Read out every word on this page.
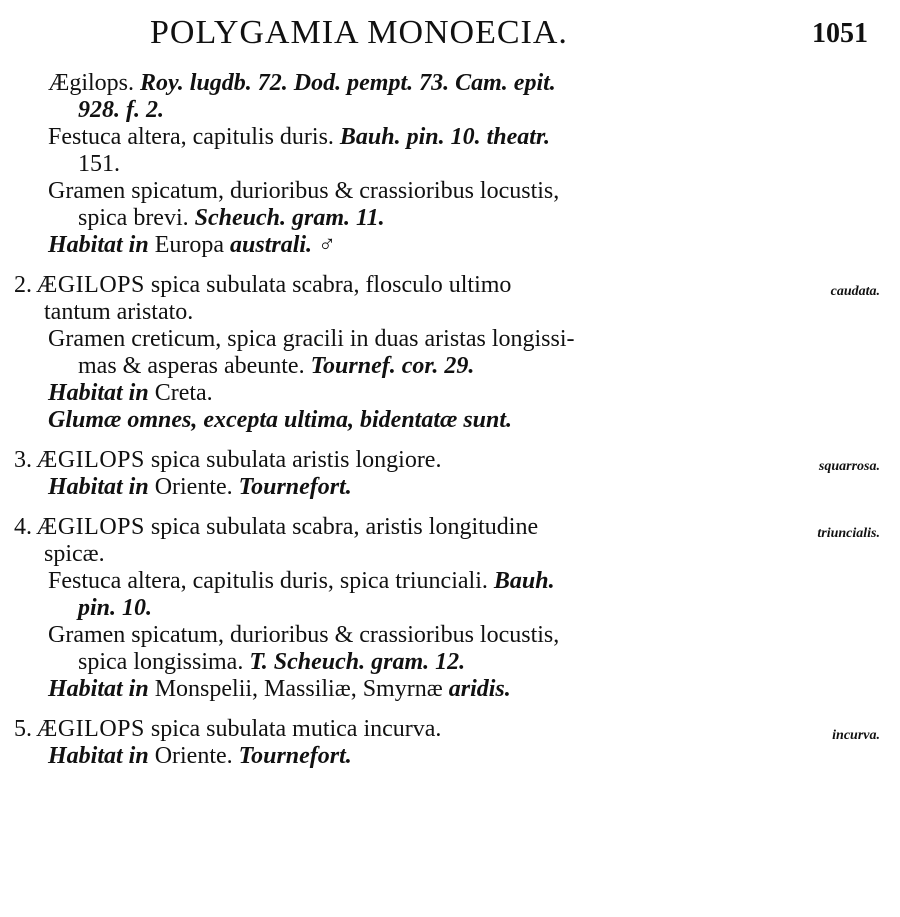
POLYGAMIA MONOECIA.	1051
Ægilops. Roy. lugdb. 72. Dod. pempt. 73. Cam. epit.
928. f. 2.
Festuca altera, capitulis duris. Bauh. pin. 10. theatr.
151.
Gramen spicatum, durioribus & crassioribus locustis,
spica brevi. Scheuch. gram. 11.
Habitat in Europa australi. ♂
2. ÆGILOPS spica subulata scabra, flosculo ultimo	caudata.
tantum aristato.
Gramen creticum, spica gracili in duas aristas longissi-
mas & asperas abeunte. Tournef. cor. 29.
Habitat in Creta.
Glumæ omnes, excepta ultima, bidentatæ sunt.
3. ÆGILOPS spica subulata aristis longiore.	squarrosa.
Habitat in Oriente. Tournefort.
4. ÆGILOPS spica subulata scabra, aristis longitudine	triuncialis.
spicæ.
Festuca altera, capitulis duris, spica triunciali. Bauh.
pin. 10.
Gramen spicatum, durioribus & crassioribus locustis,
spica longissima. T. Scheuch. gram. 12.
Habitat in Monspelii, Massiliæ, Smyrnæ aridis.
5. ÆGILOPS spica subulata mutica incurva.	incurva.
Habitat in Oriente. Tournefort.
